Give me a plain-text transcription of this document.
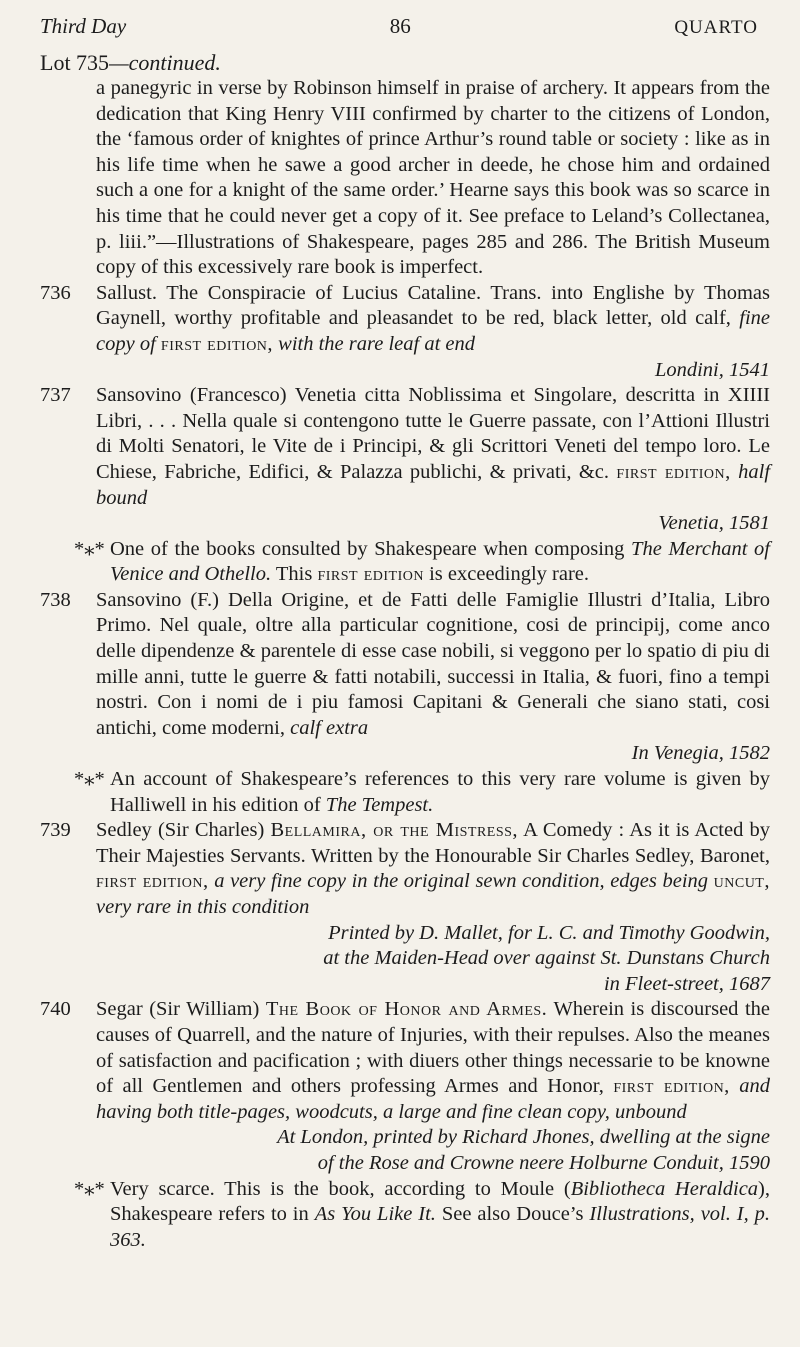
Third Day	86	QUARTO
Lot 735—continued.

a panegyric in verse by Robinson himself in praise of archery. It appears from the dedication that King Henry VIII confirmed by charter to the citizens of London, the ‘famous order of knightes of prince Arthur’s round table or society : like as in his life time when he sawe a good archer in deede, he chose him and ordained such a one for a knight of the same order.’ Hearne says this book was so scarce in his time that he could never get a copy of it. See preface to Leland’s Collectanea, p. liii.”—Illustrations of Shakespeare, pages 285 and 286. The British Museum copy of this excessively rare book is imperfect.

736 Sallust. The Conspiracie of Lucius Cataline. Trans. into Englishe by Thomas Gaynell, worthy profitable and pleasandet to be red, black letter, old calf, fine copy of first edition, with the rare leaf at end

Londini, 1541

737 Sansovino (Francesco) Venetia citta Noblissima et Singolare, descritta in XIIII Libri, . . . Nella quale si contengono tutte le Guerre passate, con l’Attioni Illustri di Molti Senatori, le Vite de i Principi, & gli Scrittori Veneti del tempo loro. Le Chiese, Fabriche, Edifici, & Palazza publichi, & privati, &c. first edition, half bound

Venetia, 1581

*⁎* One of the books consulted by Shakespeare when composing The Merchant of Venice and Othello. This first edition is exceedingly rare.

738 Sansovino (F.) Della Origine, et de Fatti delle Famiglie Illustri d’Italia, Libro Primo. Nel quale, oltre alla particular cognitione, cosi de principij, come anco delle dipendenze & parentele di esse case nobili, si veggono per lo spatio di piu di mille anni, tutte le guerre & fatti notabili, successi in Italia, & fuori, fino a tempi nostri. Con i nomi de i piu famosi Capitani & Generali che siano stati, cosi antichi, come moderni, calf extra

In Venegia, 1582

*⁎* An account of Shakespeare’s references to this very rare volume is given by Halliwell in his edition of The Tempest.

739 Sedley (Sir Charles) Bellamira, or the Mistress, A Comedy : As it is Acted by Their Majesties Servants. Written by the Honourable Sir Charles Sedley, Baronet, first edition, a very fine copy in the original sewn condition, edges being uncut, very rare in this condition

Printed by D. Mallet, for L. C. and Timothy Goodwin,

at the Maiden-Head over against St. Dunstans Church

in Fleet-street, 1687

740 Segar (Sir William) The Book of Honor and Armes. Wherein is discoursed the causes of Quarrell, and the nature of Injuries, with their repulses. Also the meanes of satisfaction and pacification ; with diuers other things necessarie to be knowne of all Gentlemen and others professing Armes and Honor, first edition, and having both title-pages, woodcuts, a large and fine clean copy, unbound

At London, printed by Richard Jhones, dwelling at the signe

of the Rose and Crowne neere Holburne Conduit, 1590

*⁎* Very scarce. This is the book, according to Moule (Bibliotheca Heraldica), Shakespeare refers to in As You Like It. See also Douce’s Illustrations, vol. I, p. 363.
